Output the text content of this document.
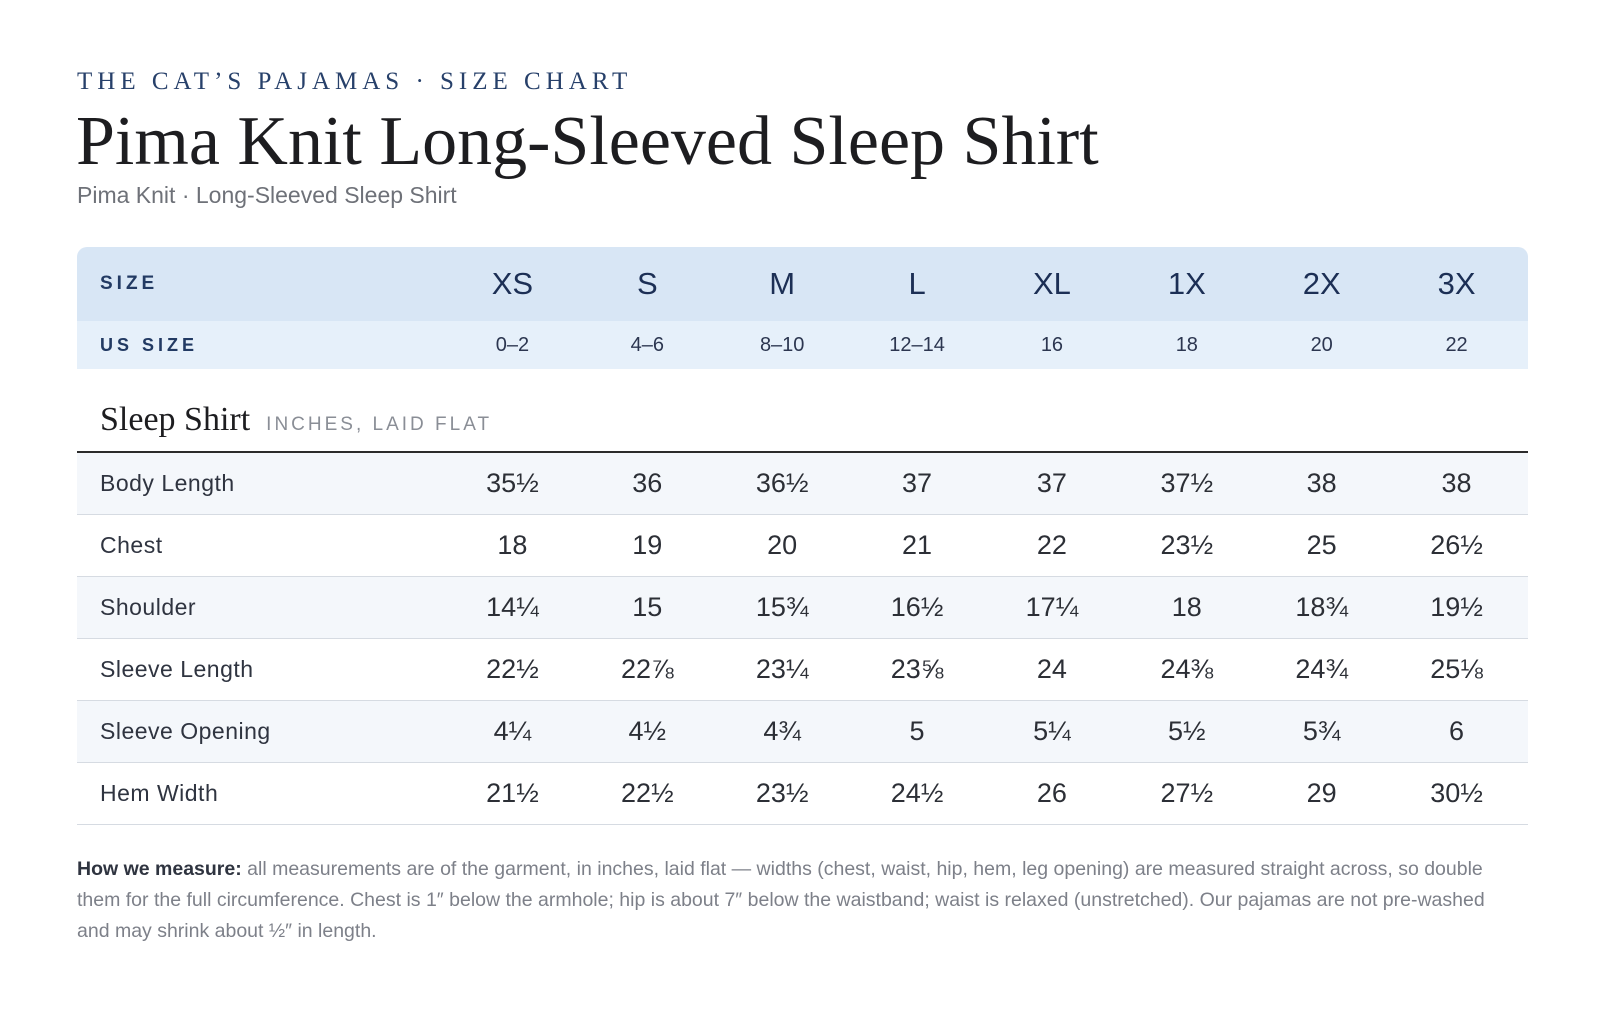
THE CAT’S PAJAMAS · SIZE CHART
Pima Knit Long-Sleeved Sleep Shirt
Pima Knit · Long-Sleeved Sleep Shirt
SIZE	XS	S	M	L	XL	1X	2X	3X
US SIZE	0–2	4–6	8–10	12–14	16	18	20	22
Sleep Shirt INCHES, LAID FLAT
Body Length	35½	36	36½	37	37	37½	38	38
Chest	18	19	20	21	22	23½	25	26½
Shoulder	14¼	15	15¾	16½	17¼	18	18¾	19½
Sleeve Length	22½	22⅞	23¼	23⅝	24	24⅜	24¾	25⅛
Sleeve Opening	4¼	4½	4¾	5	5¼	5½	5¾	6
Hem Width	21½	22½	23½	24½	26	27½	29	30½
How we measure: all measurements are of the garment, in inches, laid flat — widths (chest, waist, hip, hem, leg opening) are measured straight across, so double them for the full circumference. Chest is 1″ below the armhole; hip is about 7″ below the waistband; waist is relaxed (unstretched). Our pajamas are not pre-washed and may shrink about ½″ in length.
